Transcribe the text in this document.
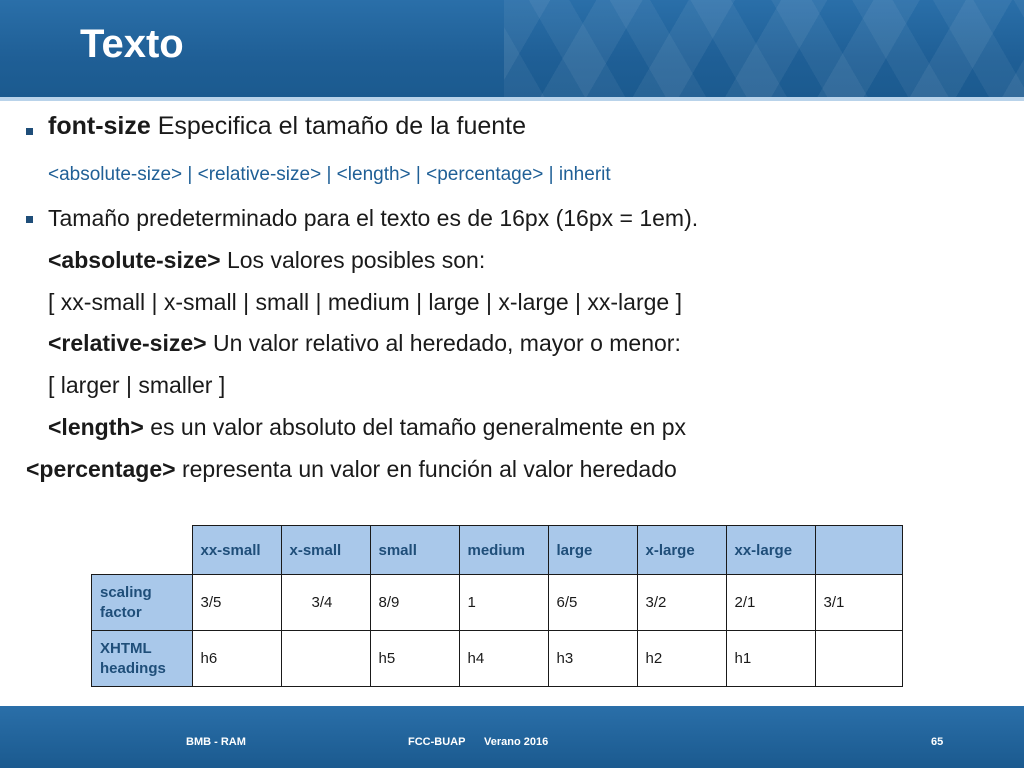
Texto
font-size Especifica el tamaño de la fuente
<absolute-size> | <relative-size> | <length> | <percentage> | inherit
Tamaño predeterminado para el texto es de 16px (16px = 1em).
<absolute-size> Los valores posibles son:
[ xx-small | x-small | small | medium | large | x-large | xx-large ]
<relative-size> Un valor relativo al heredado, mayor o menor:
[ larger | smaller ]
<length> es un valor absoluto del tamaño generalmente en px
<percentage> representa un valor en función al valor heredado
	xx-small	x-small	small	medium	large	x-large	xx-large	
scaling factor	3/5	3/4	8/9	1	6/5	3/2	2/1	3/1
XHTML headings	h6		h5	h4	h3	h2	h1	
BMB - RAM	FCC-BUAP Verano 2016	65
